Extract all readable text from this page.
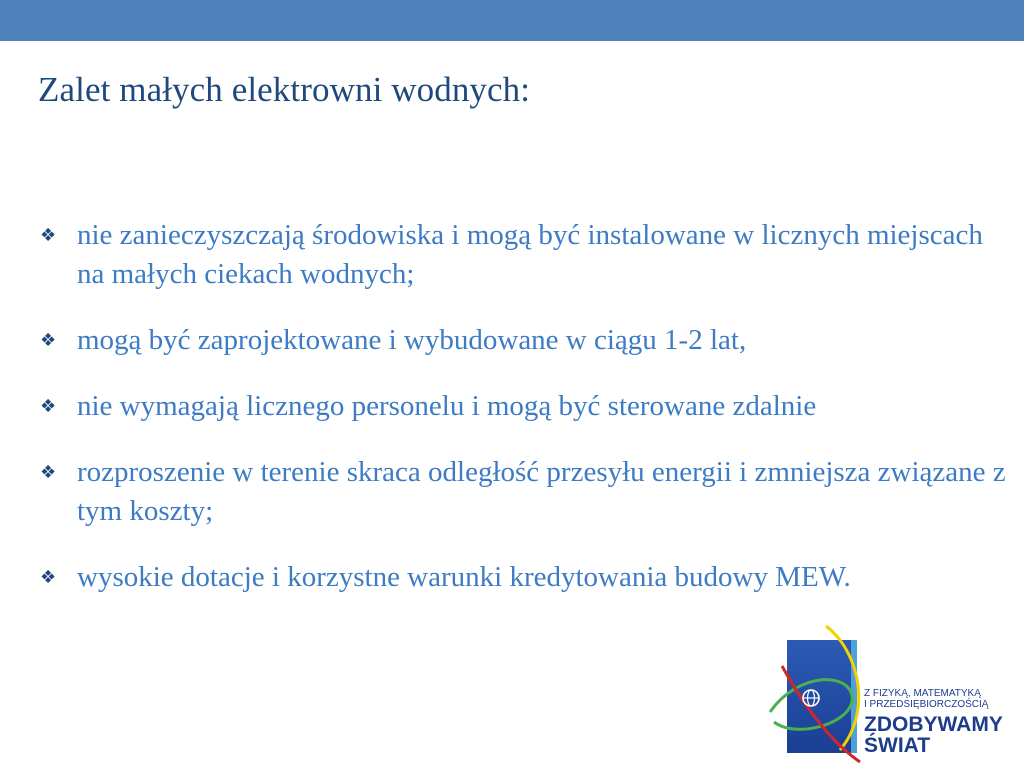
Zalet małych elektrowni wodnych:
❖ nie zanieczyszczają środowiska i mogą być instalowane w licznych miejscach na małych ciekach wodnych;
❖ mogą być zaprojektowane i wybudowane w ciągu 1-2 lat,
❖ nie wymagają licznego personelu i mogą być sterowane zdalnie
❖ rozproszenie w terenie skraca odległość przesyłu energii i zmniejsza związane z tym koszty;
❖ wysokie dotacje i korzystne warunki kredytowania budowy MEW.
Z FIZYKĄ, MATEMATYKĄ
I PRZEDSIĘBIORCZOŚCIĄ
ZDOBYWAMY
ŚWIAT
